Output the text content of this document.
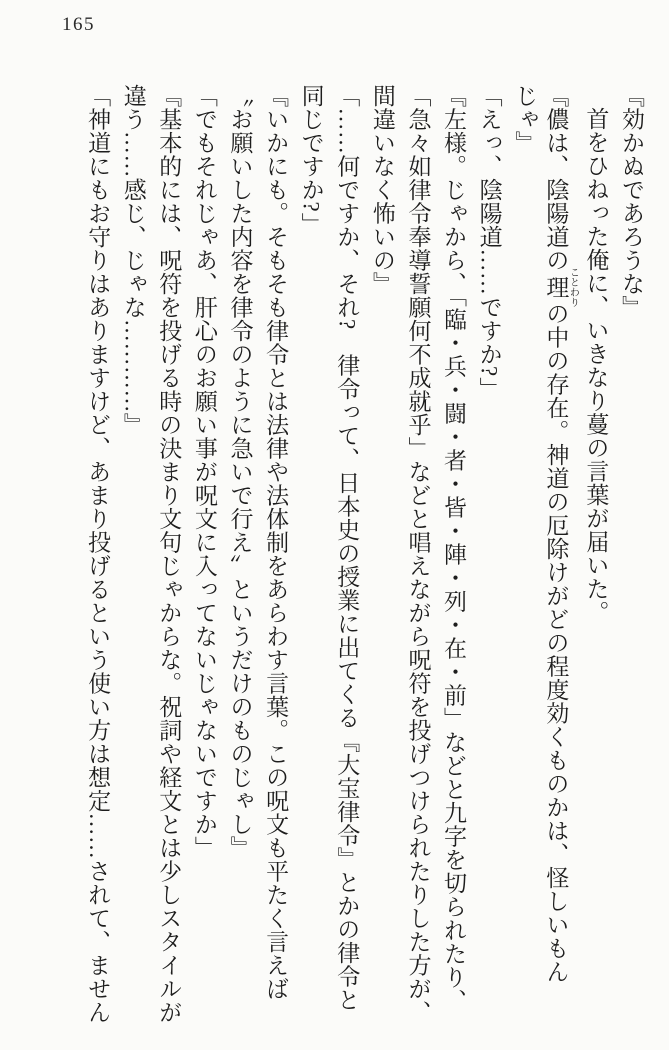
165
『効かぬであろうな』
首をひねった俺に、いきなり蔓の言葉が届いた。
『儂は、陰陽道の理 ことわりの中の存在。神道の厄除けがどの程度効くものかは、怪しいもん
じゃ』
「えっ、陰陽道……ですか?」
『左様。じゃから、「臨・兵・闘・者・皆・陣・列・在・前」などと九字を切られたり、
「急々如律令奉導誓願何不成就乎」などと唱えながら呪符を投げつけられたりした方が、
間違いなく怖いの』
「……何ですか、それ?　律令って、日本史の授業に出てくる『大宝律令』とかの律令と
同じですか?」
『いかにも。そもそも律令とは法律や法体制をあらわす言葉。この呪文も平たく言えば
〝お願いした内容を律令のように急いで行え〟というだけのものじゃし』
「でもそれじゃあ、肝心のお願い事が呪文に入ってないじゃないですか」
『基本的には、呪符を投げる時の決まり文句じゃからな。祝詞や経文とは少しスタイルが
違う……感じ、じゃな…………』
「神道にもお守りはありますけど、あまり投げるという使い方は想定……されて、ません
